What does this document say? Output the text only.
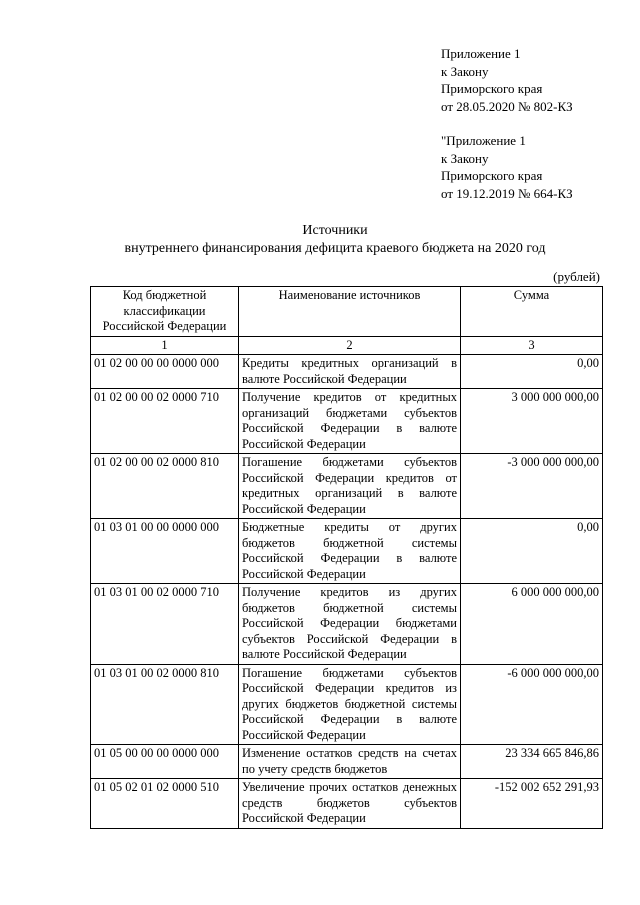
Приложение 1
к Закону
Приморского края
от 28.05.2020 № 802-КЗ
"Приложение 1
к Закону
Приморского края
от 19.12.2019 № 664-КЗ
Источники
внутреннего финансирования дефицита краевого бюджета на 2020 год
(рублей)
Код бюджетной классификации Российской Федерации	Наименование источников	Сумма
1	2	3
01 02 00 00 00 0000 000	Кредиты кредитных организаций в валюте Российской Федерации	0,00
01 02 00 00 02 0000 710	Получение кредитов от кредитных организаций бюджетами субъектов Российской Федерации в валюте Российской Федерации	3 000 000 000,00
01 02 00 00 02 0000 810	Погашение бюджетами субъектов Российской Федерации кредитов от кредитных организаций в валюте Российской Федерации	-3 000 000 000,00
01 03 01 00 00 0000 000	Бюджетные кредиты от других бюджетов бюджетной системы Российской Федерации в валюте Российской Федерации	0,00
01 03 01 00 02 0000 710	Получение кредитов из других бюджетов бюджетной системы Российской Федерации бюджетами субъектов Российской Федерации в валюте Российской Федерации	6 000 000 000,00
01 03 01 00 02 0000 810	Погашение бюджетами субъектов Российской Федерации кредитов из других бюджетов бюджетной системы Российской Федерации в валюте Российской Федерации	-6 000 000 000,00
01 05 00 00 00 0000 000	Изменение остатков средств на счетах по учету средств бюджетов	23 334 665 846,86
01 05 02 01 02 0000 510	Увеличение прочих остатков денежных средств бюджетов субъектов Российской Федерации	-152 002 652 291,93
